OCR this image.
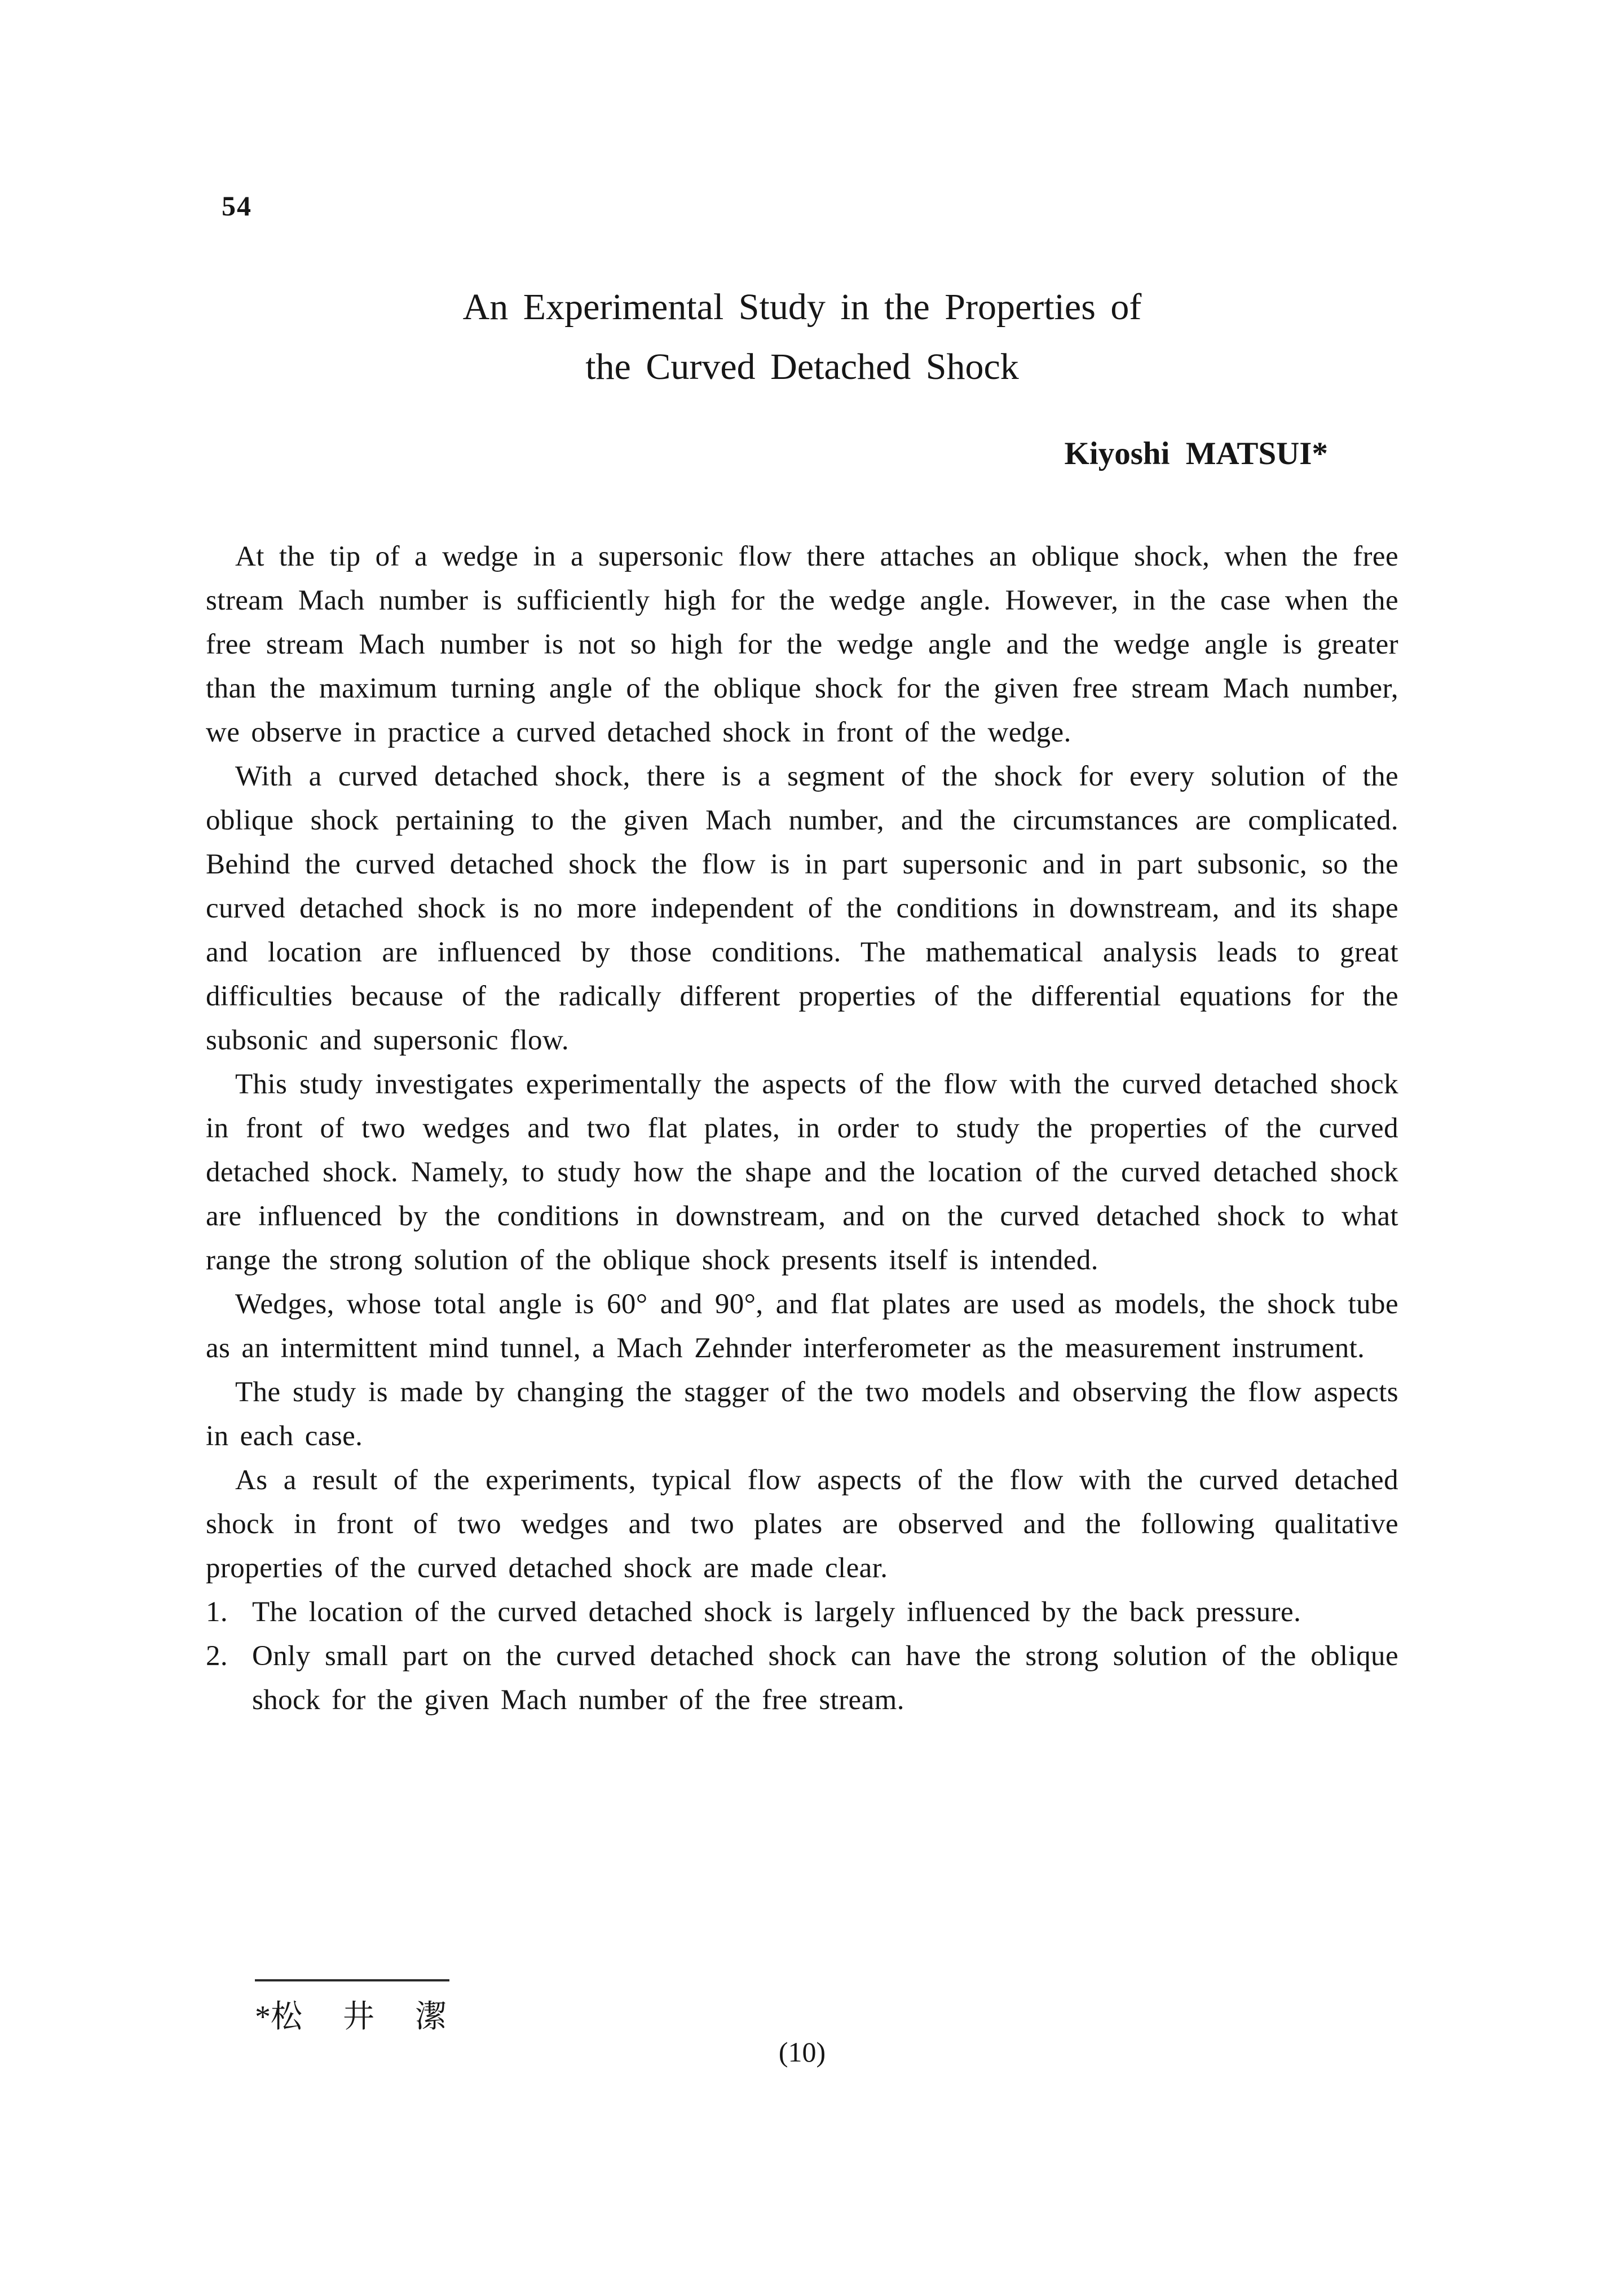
54
An Experimental Study in the Properties of
the Curved Detached Shock
Kiyoshi MATSUI*

At the tip of a wedge in a supersonic flow there attaches an oblique shock, when the free stream Mach number is sufficiently high for the wedge angle. However, in the case when the free stream Mach number is not so high for the wedge angle and the wedge angle is greater than the maximum turning angle of the oblique shock for the given free stream Mach number, we observe in practice a curved detached shock in front of the wedge.

With a curved detached shock, there is a segment of the shock for every solution of the oblique shock pertaining to the given Mach number, and the circumstances are complicated. Behind the curved detached shock the flow is in part supersonic and in part subsonic, so the curved detached shock is no more independent of the conditions in downstream, and its shape and location are influenced by those conditions. The mathematical analysis leads to great difficulties because of the radically different properties of the differential equations for the subsonic and supersonic flow.

This study investigates experimentally the aspects of the flow with the curved detached shock in front of two wedges and two flat plates, in order to study the properties of the curved detached shock. Namely, to study how the shape and the location of the curved detached shock are influenced by the conditions in downstream, and on the curved detached shock to what range the strong solution of the oblique shock presents itself is intended.

Wedges, whose total angle is 60° and 90°, and flat plates are used as models, the shock tube as an intermittent mind tunnel, a Mach Zehnder interferometer as the measurement instrument.

The study is made by changing the stagger of the two models and observing the flow aspects in each case.

As a result of the experiments, typical flow aspects of the flow with the curved detached shock in front of two wedges and two plates are observed and the following qualitative properties of the curved detached shock are made clear.

1. The location of the curved detached shock is largely influenced by the back pressure.
2. Only small part on the curved detached shock can have the strong solution of the oblique shock for the given Mach number of the free stream.
*松 井 潔
(10)
